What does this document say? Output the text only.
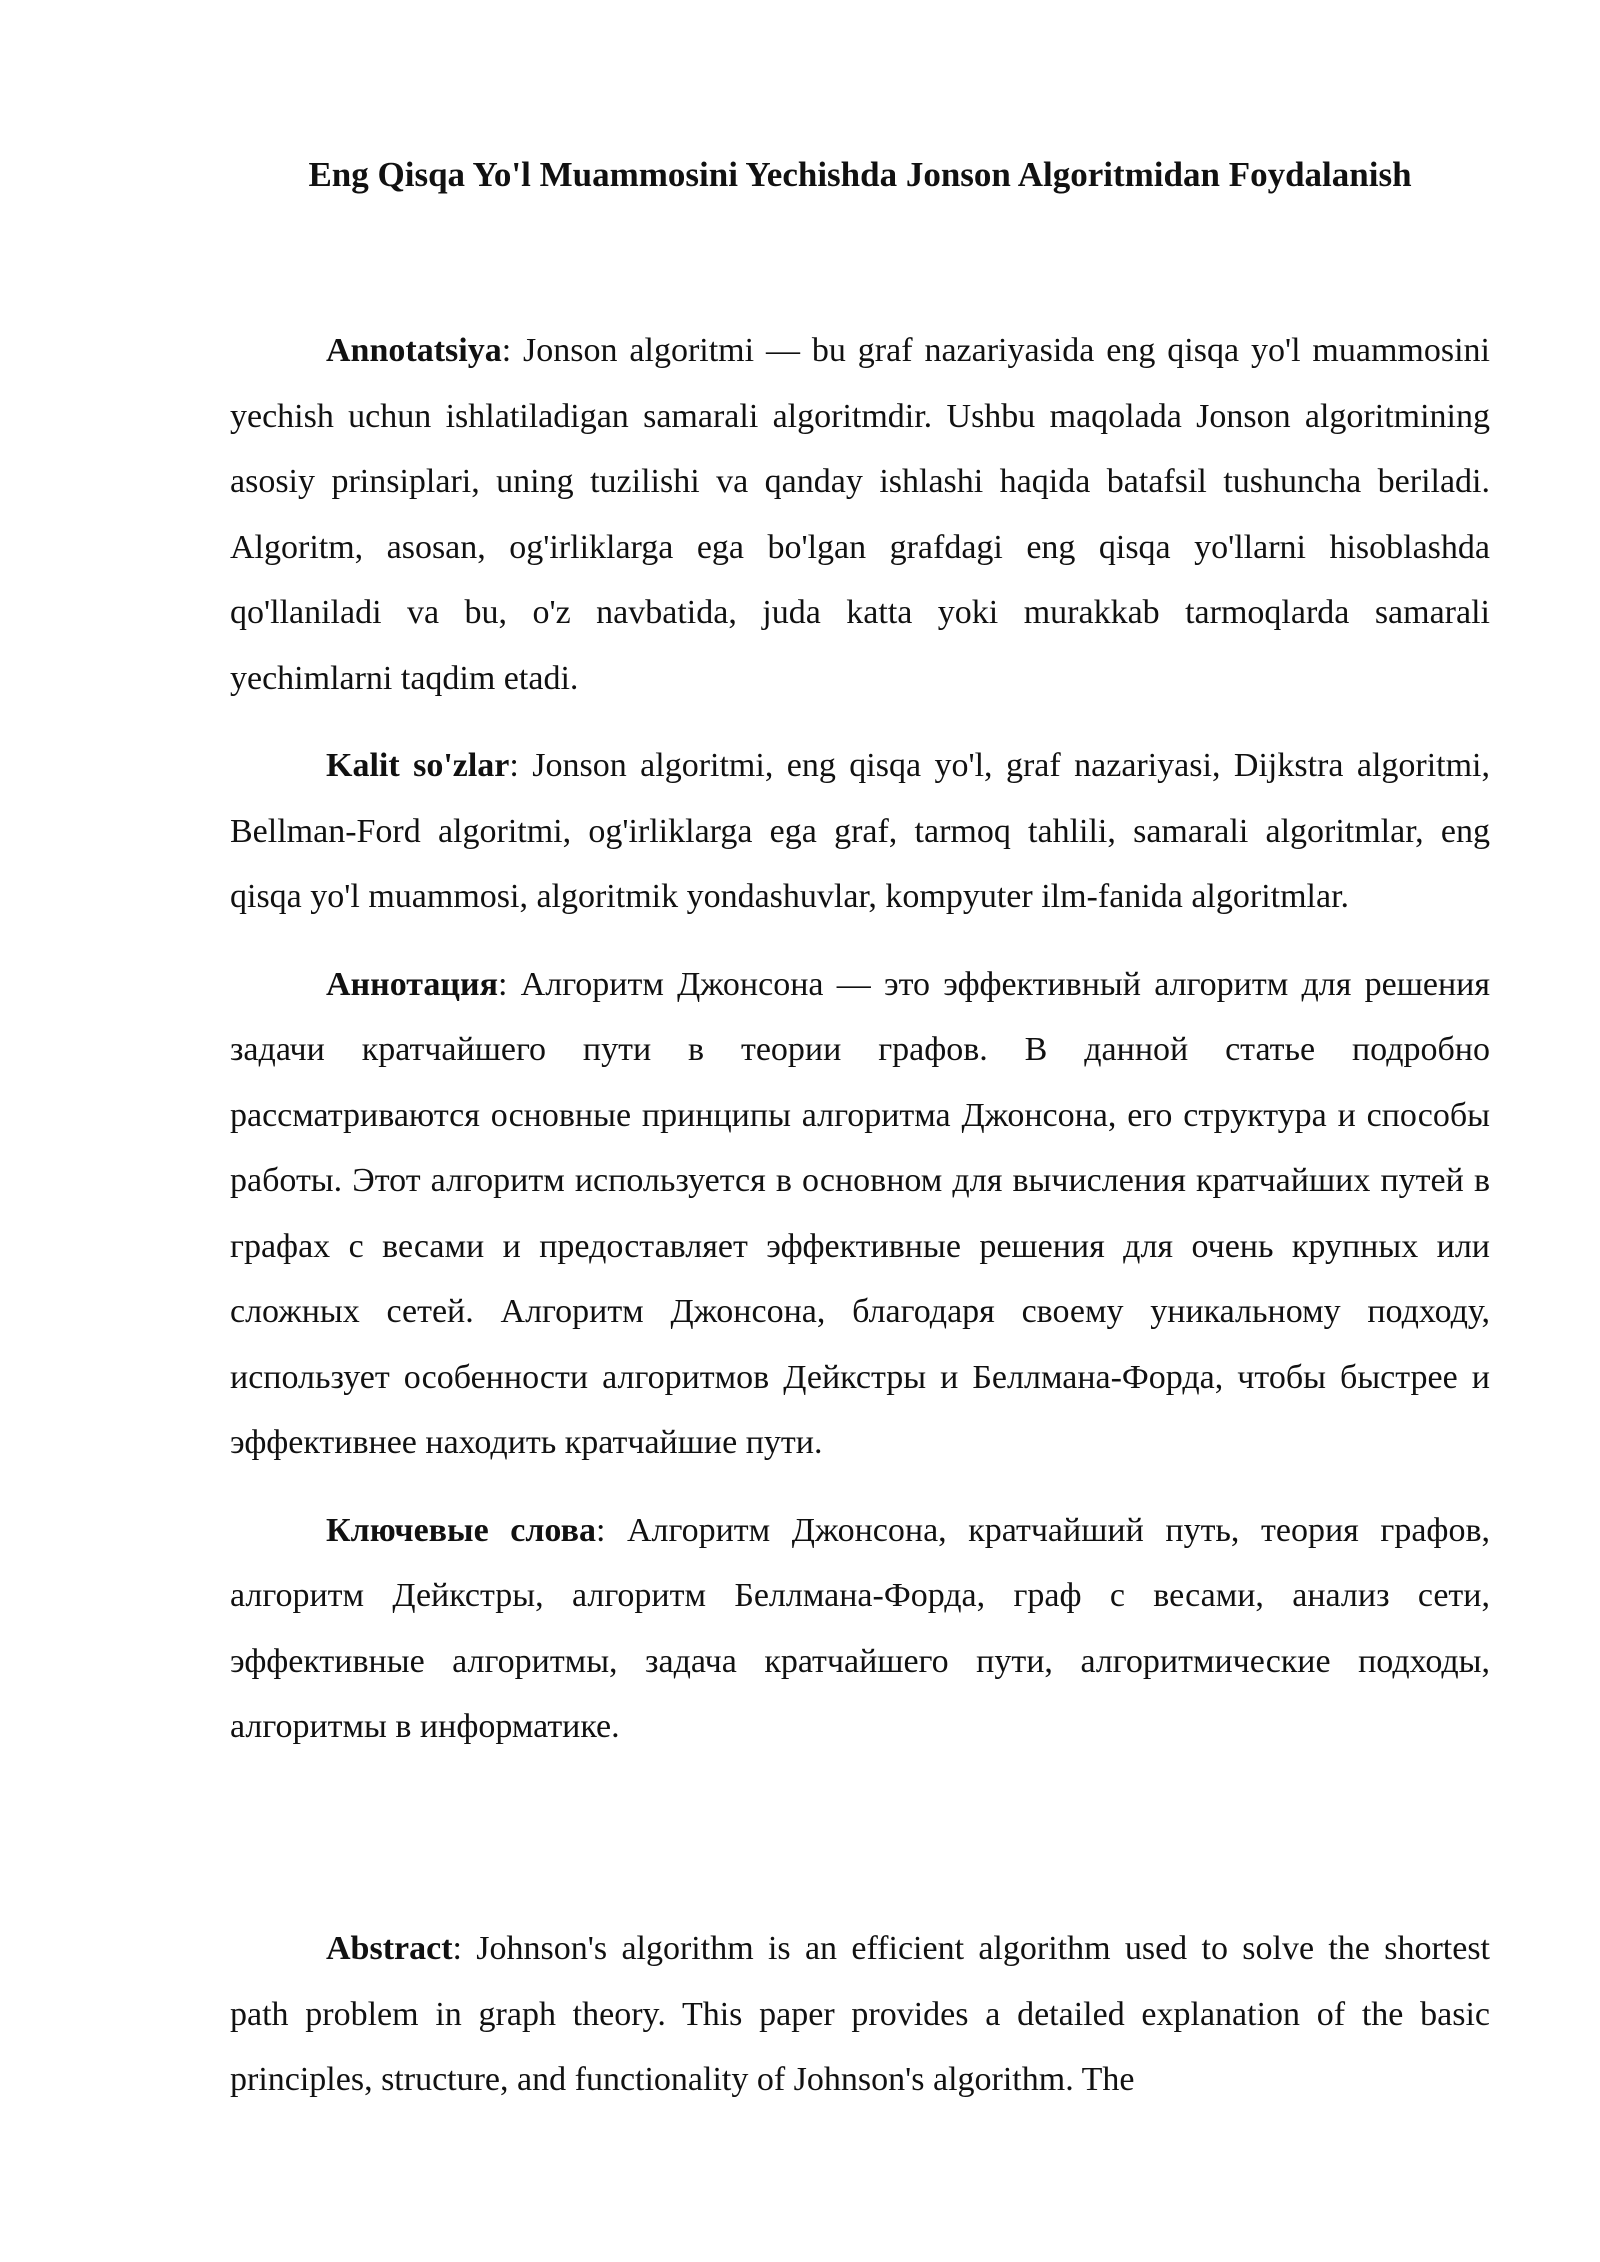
Eng Qisqa Yo'l Muammosini Yechishda Jonson Algoritmidan Foydalanish

Annotatsiya: Jonson algoritmi — bu graf nazariyasida eng qisqa yo'l muammosini yechish uchun ishlatiladigan samarali algoritmdir. Ushbu maqolada Jonson algoritmining asosiy prinsiplari, uning tuzilishi va qanday ishlashi haqida batafsil tushuncha beriladi. Algoritm, asosan, og'irliklarga ega bo'lgan grafdagi eng qisqa yo'llarni hisoblashda qo'llaniladi va bu, o'z navbatida, juda katta yoki murakkab tarmoqlarda samarali yechimlarni taqdim etadi.

Kalit so'zlar: Jonson algoritmi, eng qisqa yo'l, graf nazariyasi, Dijkstra algoritmi, Bellman-Ford algoritmi, og'irliklarga ega graf, tarmoq tahlili, samarali algoritmlar, eng qisqa yo'l muammosi, algoritmik yondashuvlar, kompyuter ilm-fanida algoritmlar.

Аннотация: Алгоритм Джонсона — это эффективный алгоритм для решения задачи кратчайшего пути в теории графов. В данной статье подробно рассматриваются основные принципы алгоритма Джонсона, его структура и способы работы. Этот алгоритм используется в основном для вычисления кратчайших путей в графах с весами и предоставляет эффективные решения для очень крупных или сложных сетей. Алгоритм Джонсона, благодаря своему уникальному подходу, использует особенности алгоритмов Дейкстры и Беллмана-Форда, чтобы быстрее и эффективнее находить кратчайшие пути.

Ключевые слова: Алгоритм Джонсона, кратчайший путь, теория графов, алгоритм Дейкстры, алгоритм Беллмана-Форда, граф с весами, анализ сети, эффективные алгоритмы, задача кратчайшего пути, алгоритмические подходы, алгоритмы в информатике.

Abstract: Johnson's algorithm is an efficient algorithm used to solve the shortest path problem in graph theory. This paper provides a detailed explanation of the basic principles, structure, and functionality of Johnson's algorithm. The
